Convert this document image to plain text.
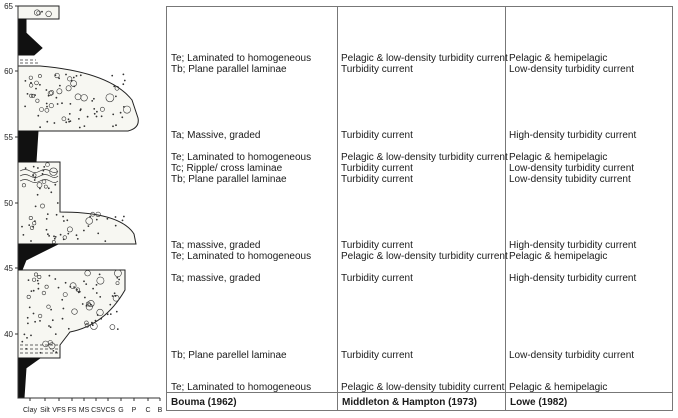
65
60
55
50
45
40
Clay Silt VFS FS MS CS VCS G P C B
Te; Laminated to homogeneous
Tb; Plane parallel laminae
Ta; Massive, graded
Te; Laminated to homogeneous
Tc; Ripple/ cross laminae
Tb; Plane parallel laminae
Ta; massive, graded
Te; Laminated to homogeneous
Ta; massive, graded
Tb; Plane parellel laminae
Te; Laminated to homogeneous
Pelagic & low-density turbidity current
Turbidity current
Turbidity current
Pelagic & low-density turbidity current
Turbidity current
Turbidity current
Turbidity current
Pelagic & low-density turbidity current
Turbidity current
Turbidity current
Pelagic & low-density tubidity current
Pelagic & hemipelagic
Low-density turbidity current
High-density turbidity current
Pelagic & hemipelagic
Low-density turbidity current
Low-density tubidity current
High-density turbidity current
Pelagic & hemipelagic
High-density turbidity current
Low-density turbidity current
Pelagic & hemipelagic
Bouma (1962)	Middleton & Hampton (1973)	Lowe (1982)
